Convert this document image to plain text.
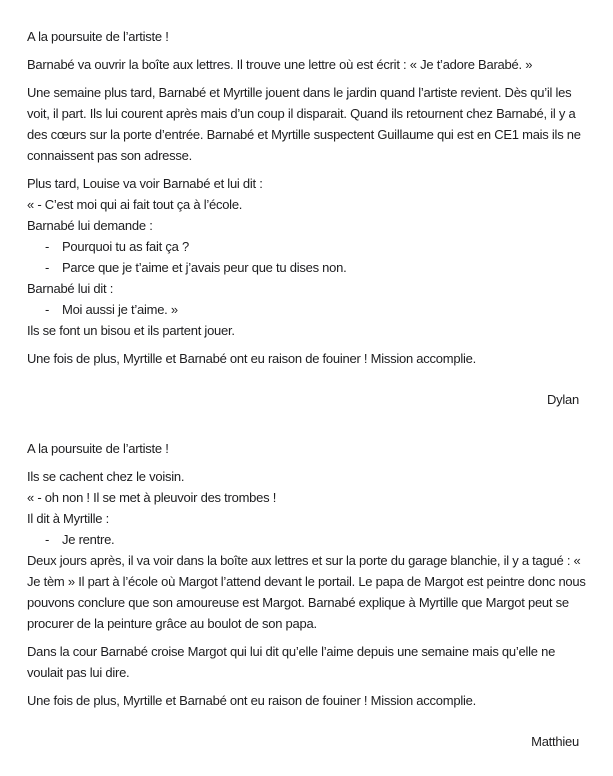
A la poursuite de l’artiste !

Barnabé va ouvrir la boîte aux lettres. Il trouve une lettre où est écrit : « Je t’adore Barabé. »

Une semaine plus tard, Barnabé et Myrtille jouent dans le jardin quand l’artiste revient. Dès qu’il les voit, il part. Ils lui courent après mais d’un coup il disparait. Quand ils retournent chez Barnabé, il y a des cœurs sur la porte d’entrée. Barnabé et Myrtille suspectent Guillaume qui est en CE1 mais ils ne connaissent pas son adresse.

Plus tard, Louise va voir Barnabé et lui dit :
« - C’est moi qui ai fait tout ça à l’école.
Barnabé lui demande :
- Pourquoi tu as fait ça ?
- Parce que je t’aime et j’avais peur que tu dises non.
Barnabé lui dit :
- Moi aussi je t’aime. »
Ils se font un bisou et ils partent jouer.

Une fois de plus, Myrtille et Barnabé ont eu raison de fouiner ! Mission accomplie.

Dylan

A la poursuite de l’artiste !

Ils se cachent chez le voisin.
« - oh non ! Il se met à pleuvoir des trombes !
Il dit à Myrtille :
- Je rentre.
Deux jours après, il va voir dans la boîte aux lettres et sur la porte du garage blanchie, il y a tagué : « Je tèm » Il part à l’école où Margot l’attend devant le portail. Le papa de Margot est peintre donc nous pouvons conclure que son amoureuse est Margot. Barnabé explique à Myrtille que Margot peut se procurer de la peinture grâce au boulot de son papa.

Dans la cour Barnabé croise Margot qui lui dit qu’elle l’aime depuis une semaine mais qu’elle ne voulait pas lui dire.

Une fois de plus, Myrtille et Barnabé ont eu raison de fouiner ! Mission accomplie.

Matthieu
